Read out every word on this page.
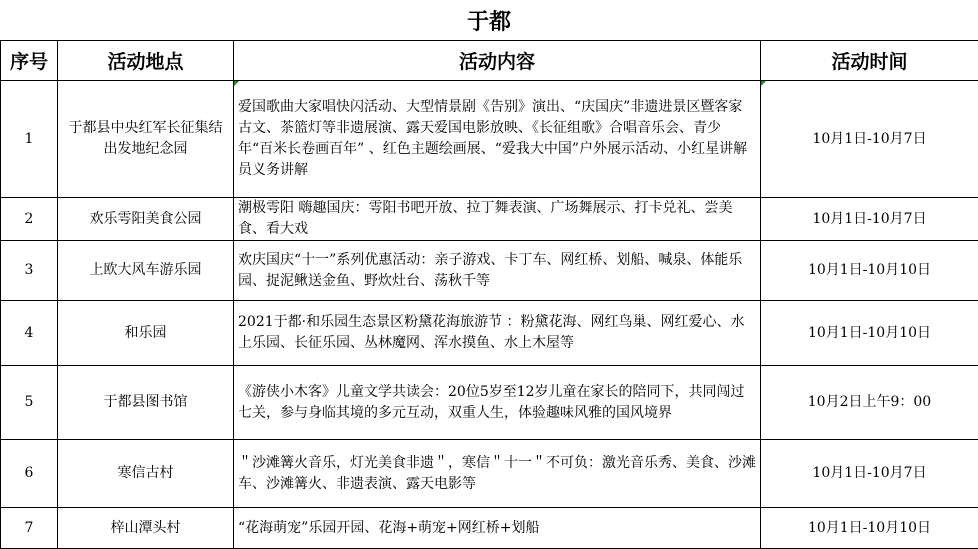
于都
序号	活动地点	活动内容	活动时间
1	于都县中央红军长征集结出发地纪念园	爱国歌曲大家唱快闪活动、大型情景剧《告别》演出、“庆国庆”非遗进景区暨客家古文、茶篮灯等非遗展演、露天爱国电影放映、《长征组歌》合唱音乐会、青少年“百米长卷画百年” 、红色主题绘画展、“爱我大中国”户外展示活动、小红星讲解员义务讲解	10月1日-10月7日
2	欢乐雩阳美食公园	潮极雩阳 嗨趣国庆：雩阳书吧开放、拉丁舞表演、广场舞展示、打卡兑礼、尝美食、看大戏	10月1日-10月7日
3	上欧大风车游乐园	欢庆国庆“十一”系列优惠活动：亲子游戏、卡丁车、网红桥、划船、喊泉、体能乐园、捉泥鳅送金鱼、野炊灶台、荡秋千等	10月1日-10月10日
4	和乐园	2021于都·和乐园生态景区粉黛花海旅游节 ：粉黛花海、网红鸟巢、网红爱心、水上乐园、长征乐园、丛林魔网、浑水摸鱼、水上木屋等	10月1日-10月10日
5	于都县图书馆	《游侠小木客》儿童文学共读会：20位5岁至12岁儿童在家长的陪同下，共同闯过七关，参与身临其境的多元互动，双重人生，体验趣味风雅的国风境界	10月2日上午9：00
6	寒信古村	＂沙滩篝火音乐，灯光美食非遗＂，寒信＂十一＂不可负：激光音乐秀、美食、沙滩车、沙滩篝火、非遗表演、露天电影等	10月1日-10月7日
7	梓山潭头村	“花海萌宠”乐园开园、花海+萌宠+网红桥+划船	10月1日-10月10日
